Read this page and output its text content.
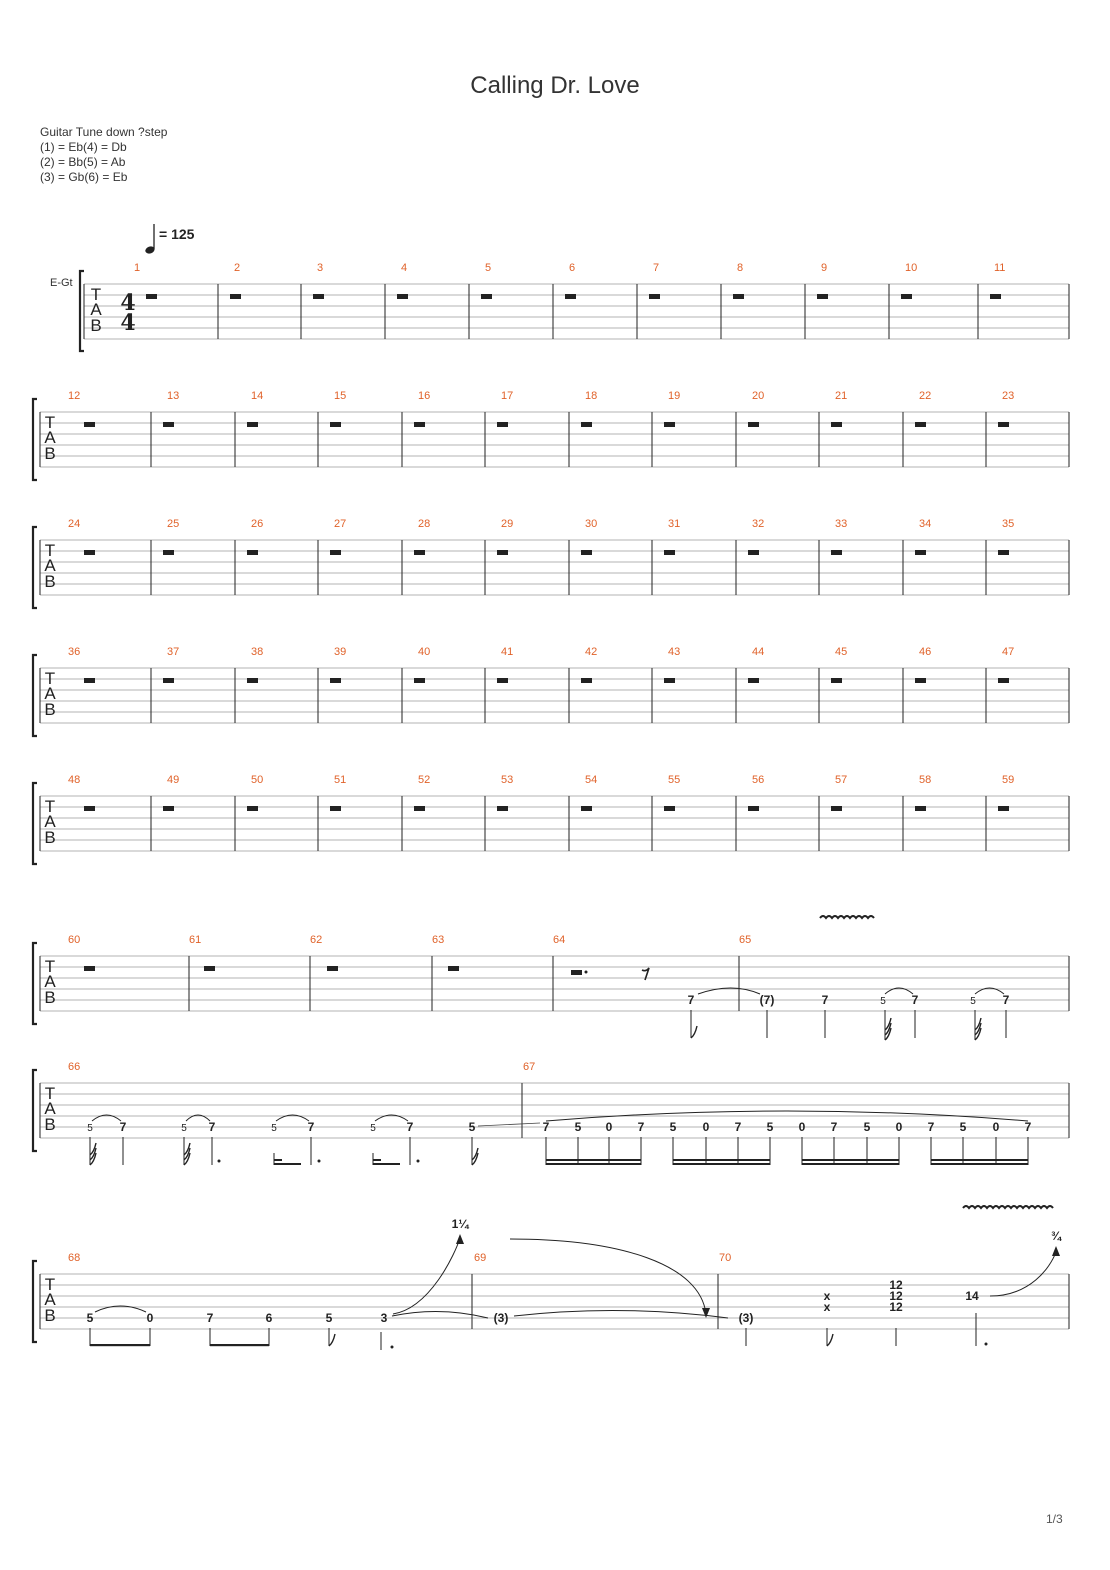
Calling Dr. Love
Guitar Tune down ?step
(1) = Eb(4) = Db
(2) = Bb(5) = Ab
(3) = Gb(6) = Eb
= 125
1/3
E-Gt
T
A
B
4
4
1	2	3	4	5	6	7	8	9	10	11
T
A
B
12	13	14	15	16	17	18	19	20	21	22	23
T
A
B
24	25	26	27	28	29	30	31	32	33	34	35
T
A
B
36	37	38	39	40	41	42	43	44	45	46	47
T
A
B
48	49	50	51	52	53	54	55	56	57	58	59
T
A
B
60	61	62	63	64	65
7	(7)	7	5 7	5 7
T
A
B
66	67
5 7	5 7	5	7	5	7	5	7 5 0 7 5 0 7 5 0 7 5 0 7 5 0 7
T
A
B
68	69	70
5	0	7	6	5	3	(3)	(3)
x
x
12
12
12
14
1¼
¾
